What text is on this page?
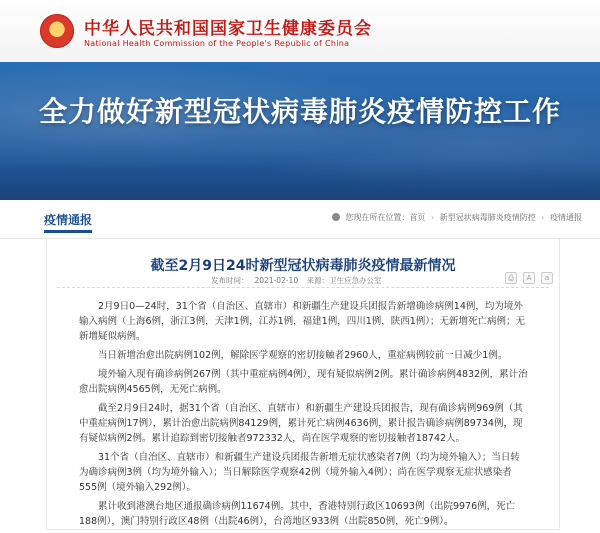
中华人民共和国国家卫生健康委员会
National Health Commission of the People's Republic of China
全力做好新型冠状病毒肺炎疫情防控工作
疫情通报	您现在所在位置：首页 › 新型冠状病毒肺炎疫情防控 › 疫情通报
截至2月9日24时新型冠状病毒肺炎疫情最新情况
发布时间： 2021-02-10 来源：卫生应急办公室	⎙	A	a

2月9日0—24时，31个省（自治区、直辖市）和新疆生产建设兵团报告新增确诊病例14例，均为境外输入病例（上海6例，浙江3例，天津1例，江苏1例，福建1例，四川1例，陕西1例）；无新增死亡病例；无新增疑似病例。

当日新增治愈出院病例102例，解除医学观察的密切接触者2960人，重症病例较前一日减少1例。

境外输入现有确诊病例267例（其中重症病例4例），现有疑似病例2例。累计确诊病例4832例，累计治愈出院病例4565例，无死亡病例。

截至2月9日24时，据31个省（自治区、直辖市）和新疆生产建设兵团报告，现有确诊病例969例（其中重症病例17例），累计治愈出院病例84129例，累计死亡病例4636例，累计报告确诊病例89734例，现有疑似病例2例。累计追踪到密切接触者972332人，尚在医学观察的密切接触者18742人。

31个省（自治区、直辖市）和新疆生产建设兵团报告新增无症状感染者7例（均为境外输入）；当日转为确诊病例3例（均为境外输入）；当日解除医学观察42例（境外输入4例）；尚在医学观察无症状感染者555例（境外输入292例）。

累计收到港澳台地区通报确诊病例11674例。其中，香港特别行政区10693例（出院9976例，死亡188例），澳门特别行政区48例（出院46例），台湾地区933例（出院850例，死亡9例）。
